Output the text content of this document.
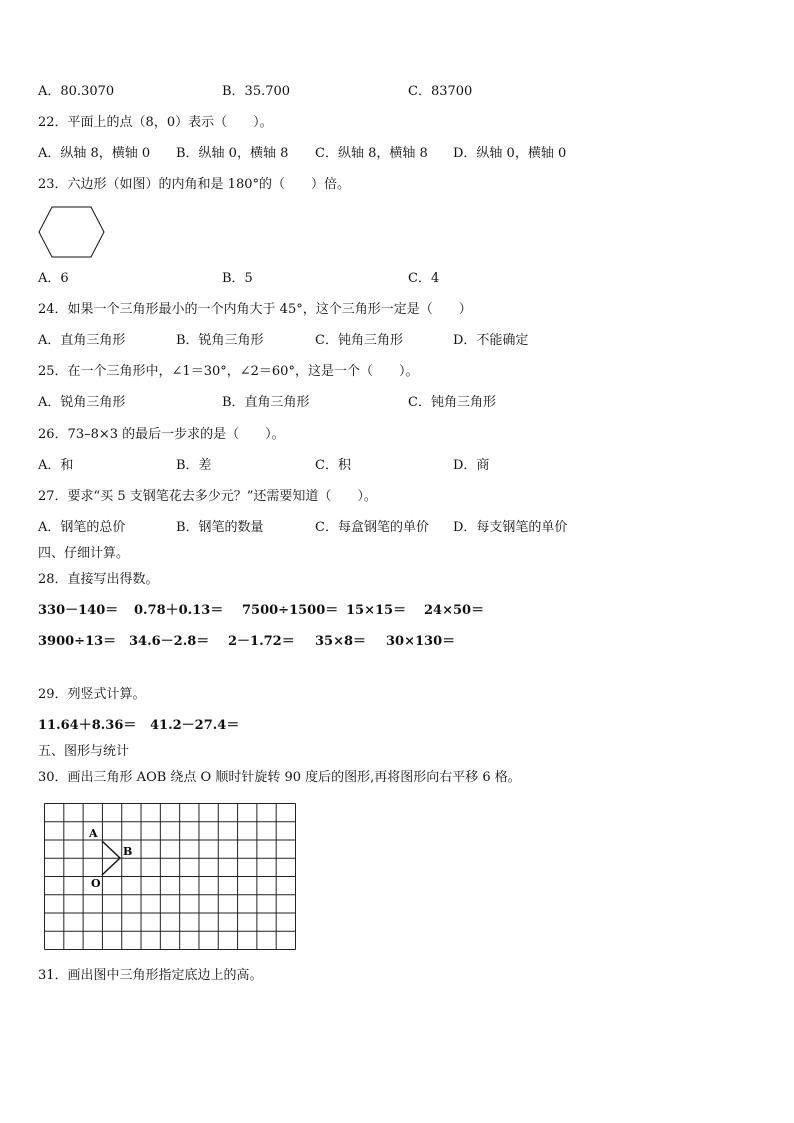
A．80.3070	B．35.700	C．83700
22．平面上的点（8，0）表示（　　）。
A．纵轴 8，横轴 0 B．纵轴 0，横轴 8 C．纵轴 8，横轴 8 D．纵轴 0，横轴 0
23．六边形（如图）的内角和是 180°的（　　）倍。
A．6	B．5	C．4
24．如果一个三角形最小的一个内角大于 45°，这个三角形一定是（　　）
A．直角三角形	B．锐角三角形	C．钝角三角形	D．不能确定
25．在一个三角形中，∠1＝30°，∠2＝60°，这是一个（　　）。
A．锐角三角形	B．直角三角形	C．钝角三角形
26．73–8×3 的最后一步求的是（　　）。
A．和	B．差	C．积	D．商
27．要求“买 5 支钢笔花去多少元？”还需要知道（　　）。
A．钢笔的总价	B．钢笔的数量	C．每盒钢笔的单价 D．每支钢笔的单价
四、仔细计算。
28．直接写出得数。
330－140＝ 0.78＋0.13＝ 7500÷1500＝ 15×15＝ 24×50＝
3900÷13＝ 34.6－2.8＝ 2－1.72＝ 35×8＝ 30×130＝
29．列竖式计算。
11.64＋8.36＝ 41.2－27.4＝
五、图形与统计
30．画出三角形 AOB 绕点 O 顺时针旋转 90 度后的图形,再将图形向右平移 6 格。
A
B
O
31．画出图中三角形指定底边上的高。
